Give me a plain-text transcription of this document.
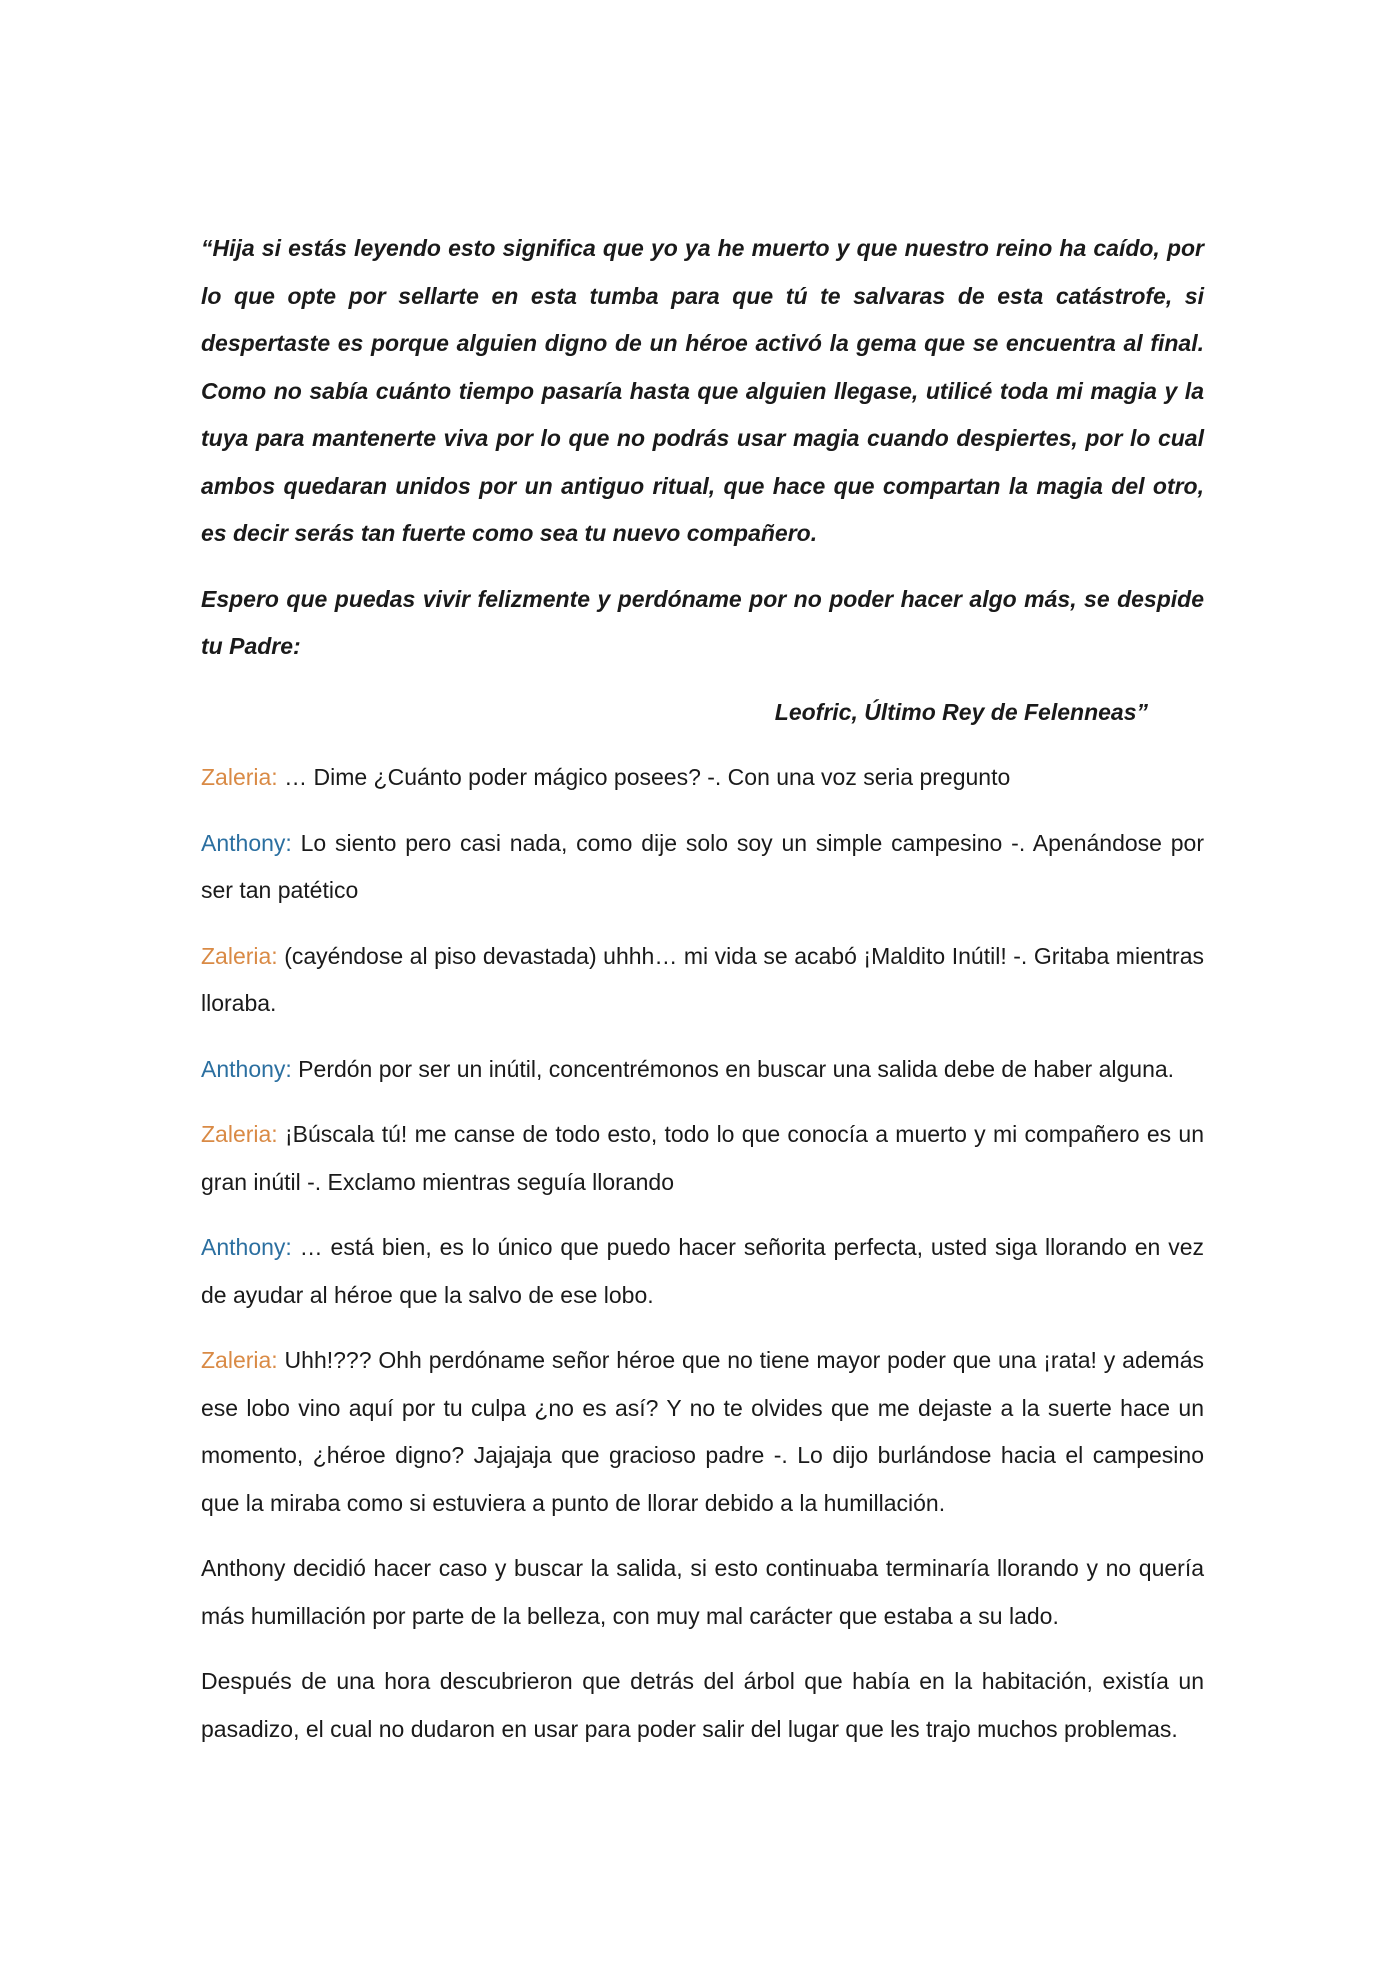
“Hija si estás leyendo esto significa que yo ya he muerto y que nuestro reino ha caído, por lo que opte por sellarte en esta tumba para que tú te salvaras de esta catástrofe, si despertaste es porque alguien digno de un héroe activó la gema que se encuentra al final. Como no sabía cuánto tiempo pasaría hasta que alguien llegase, utilicé toda mi magia y la tuya para mantenerte viva por lo que no podrás usar magia cuando despiertes, por lo cual ambos quedaran unidos por un antiguo ritual, que hace que compartan la magia del otro, es decir serás tan fuerte como sea tu nuevo compañero.

Espero que puedas vivir felizmente y perdóname por no poder hacer algo más, se despide tu Padre:

Leofric, Último Rey de Felenneas”

Zaleria: … Dime ¿Cuánto poder mágico posees? -. Con una voz seria pregunto

Anthony: Lo siento pero casi nada, como dije solo soy un simple campesino -. Apenándose por ser tan patético

Zaleria: (cayéndose al piso devastada) uhhh… mi vida se acabó ¡Maldito Inútil! -. Gritaba mientras lloraba.

Anthony: Perdón por ser un inútil, concentrémonos en buscar una salida debe de haber alguna.

Zaleria: ¡Búscala tú! me canse de todo esto, todo lo que conocía a muerto y mi compañero es un gran inútil -. Exclamo mientras seguía llorando

Anthony: … está bien, es lo único que puedo hacer señorita perfecta, usted siga llorando en vez de ayudar al héroe que la salvo de ese lobo.

Zaleria: Uhh!??? Ohh perdóname señor héroe que no tiene mayor poder que una ¡rata! y además ese lobo vino aquí por tu culpa ¿no es así? Y no te olvides que me dejaste a la suerte hace un momento, ¿héroe digno? Jajajaja que gracioso padre -. Lo dijo burlándose hacia el campesino que la miraba como si estuviera a punto de llorar debido a la humillación.

Anthony decidió hacer caso y buscar la salida, si esto continuaba terminaría llorando y no quería más humillación por parte de la belleza, con muy mal carácter que estaba a su lado.

Después de una hora descubrieron que detrás del árbol que había en la habitación, existía un pasadizo, el cual no dudaron en usar para poder salir del lugar que les trajo muchos problemas.
